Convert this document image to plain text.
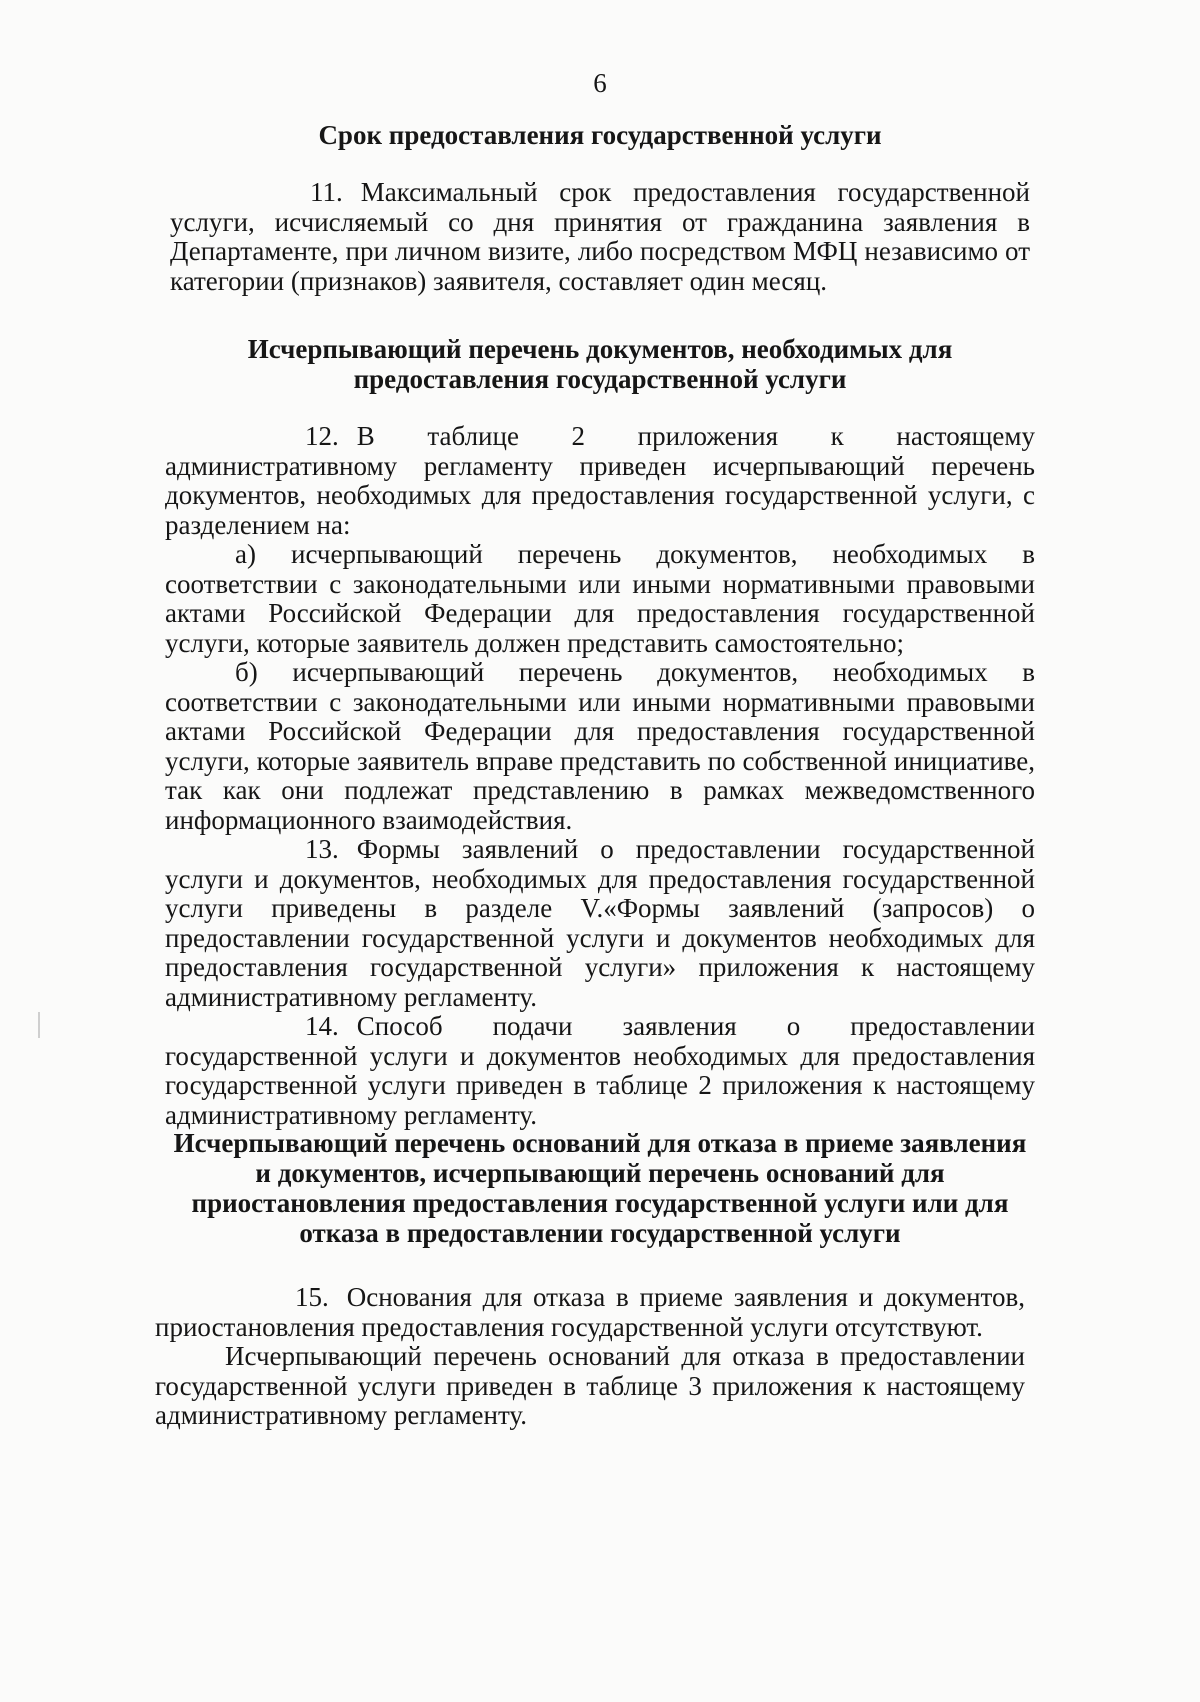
6
Срок предоставления государственной услуги

11. Максимальный срок предоставления государственной услуги, исчисляемый со дня принятия от гражданина заявления в Департаменте, при личном визите, либо посредством МФЦ независимо от категории (признаков) заявителя, составляет один месяц.

Исчерпывающий перечень документов, необходимых для предоставления государственной услуги

12. В таблице 2 приложения к настоящему административному регламенту приведен исчерпывающий перечень документов, необходимых для предоставления государственной услуги, с разделением на:

а) исчерпывающий перечень документов, необходимых в соответствии с законодательными или иными нормативными правовыми актами Российской Федерации для предоставления государственной услуги, которые заявитель должен представить самостоятельно;

б) исчерпывающий перечень документов, необходимых в соответствии с законодательными или иными нормативными правовыми актами Российской Федерации для предоставления государственной услуги, которые заявитель вправе представить по собственной инициативе, так как они подлежат представлению в рамках межведомственного информационного взаимодействия.

13. Формы заявлений о предоставлении государственной услуги и документов, необходимых для предоставления государственной услуги приведены в разделе V.«Формы заявлений (запросов) о предоставлении государственной услуги и документов необходимых для предоставления государственной услуги» приложения к настоящему административному регламенту.

14. Способ подачи заявления о предоставлении государственной услуги и документов необходимых для предоставления государственной услуги приведен в таблице 2 приложения к настоящему административному регламенту.

Исчерпывающий перечень оснований для отказа в приеме заявления и документов, исчерпывающий перечень оснований для приостановления предоставления государственной услуги или для отказа в предоставлении государственной услуги

15. Основания для отказа в приеме заявления и документов, приостановления предоставления государственной услуги отсутствуют.

Исчерпывающий перечень оснований для отказа в предоставлении государственной услуги приведен в таблице 3 приложения к настоящему административному регламенту.
